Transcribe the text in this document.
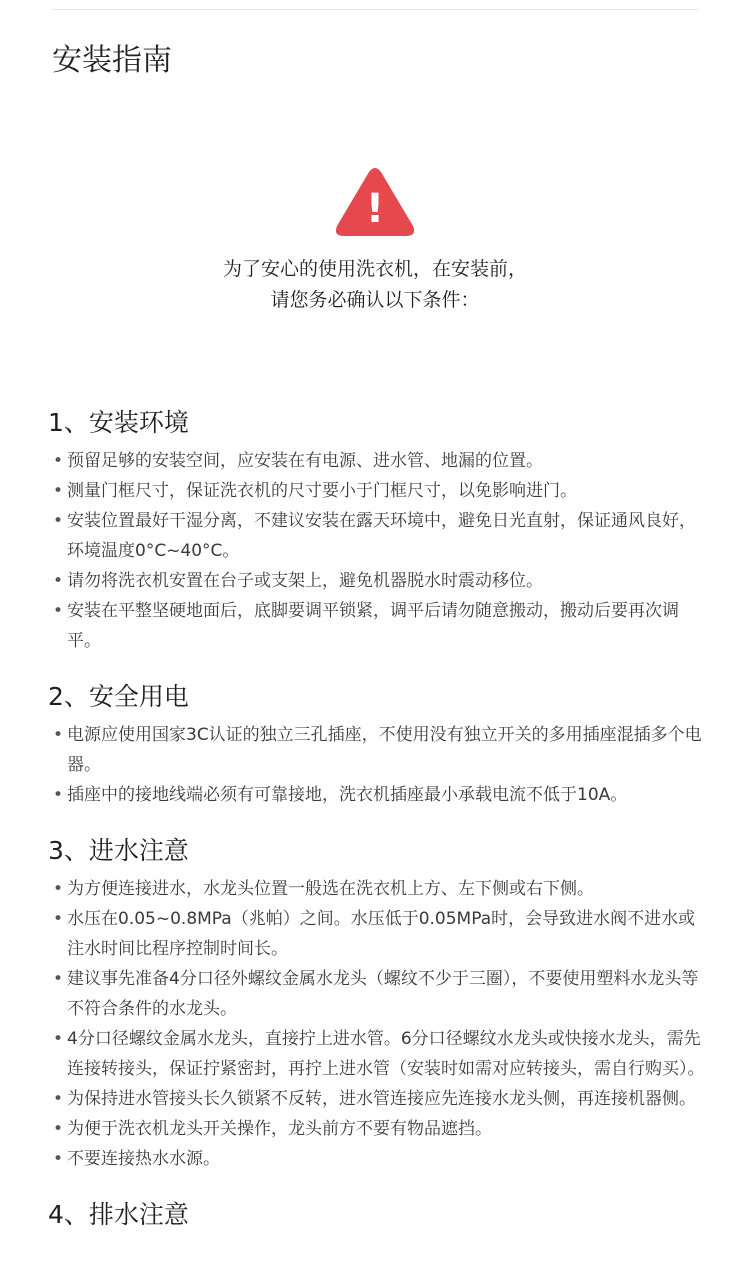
安装指南
!
为了安心的使用洗衣机，在安装前，
请您务必确认以下条件：
1、安装环境
• 预留足够的安装空间，应安装在有电源、进水管、地漏的位置。
• 测量门框尺寸，保证洗衣机的尺寸要小于门框尺寸，以免影响进门。
• 安装位置最好干湿分离，不建议安装在露天环境中，避免日光直射，保证通风良好，环境温度0°C~40°C。
• 请勿将洗衣机安置在台子或支架上，避免机器脱水时震动移位。
• 安装在平整坚硬地面后，底脚要调平锁紧，调平后请勿随意搬动，搬动后要再次调平。
2、安全用电
• 电源应使用国家3C认证的独立三孔插座，不使用没有独立开关的多用插座混插多个电器。
• 插座中的接地线端必须有可靠接地，洗衣机插座最小承载电流不低于10A。
3、进水注意
• 为方便连接进水，水龙头位置一般选在洗衣机上方、左下侧或右下侧。
• 水压在0.05~0.8MPa（兆帕）之间。水压低于0.05MPa时，会导致进水阀不进水或注水时间比程序控制时间长。
• 建议事先准备4分口径外螺纹金属水龙头（螺纹不少于三圈），不要使用塑料水龙头等不符合条件的水龙头。
• 4分口径螺纹金属水龙头，直接拧上进水管。6分口径螺纹水龙头或快接水龙头，需先连接转接头，保证拧紧密封，再拧上进水管（安装时如需对应转接头，需自行购买）。
• 为保持进水管接头长久锁紧不反转，进水管连接应先连接水龙头侧，再连接机器侧。
• 为便于洗衣机龙头开关操作，龙头前方不要有物品遮挡。
• 不要连接热水水源。
4、排水注意
